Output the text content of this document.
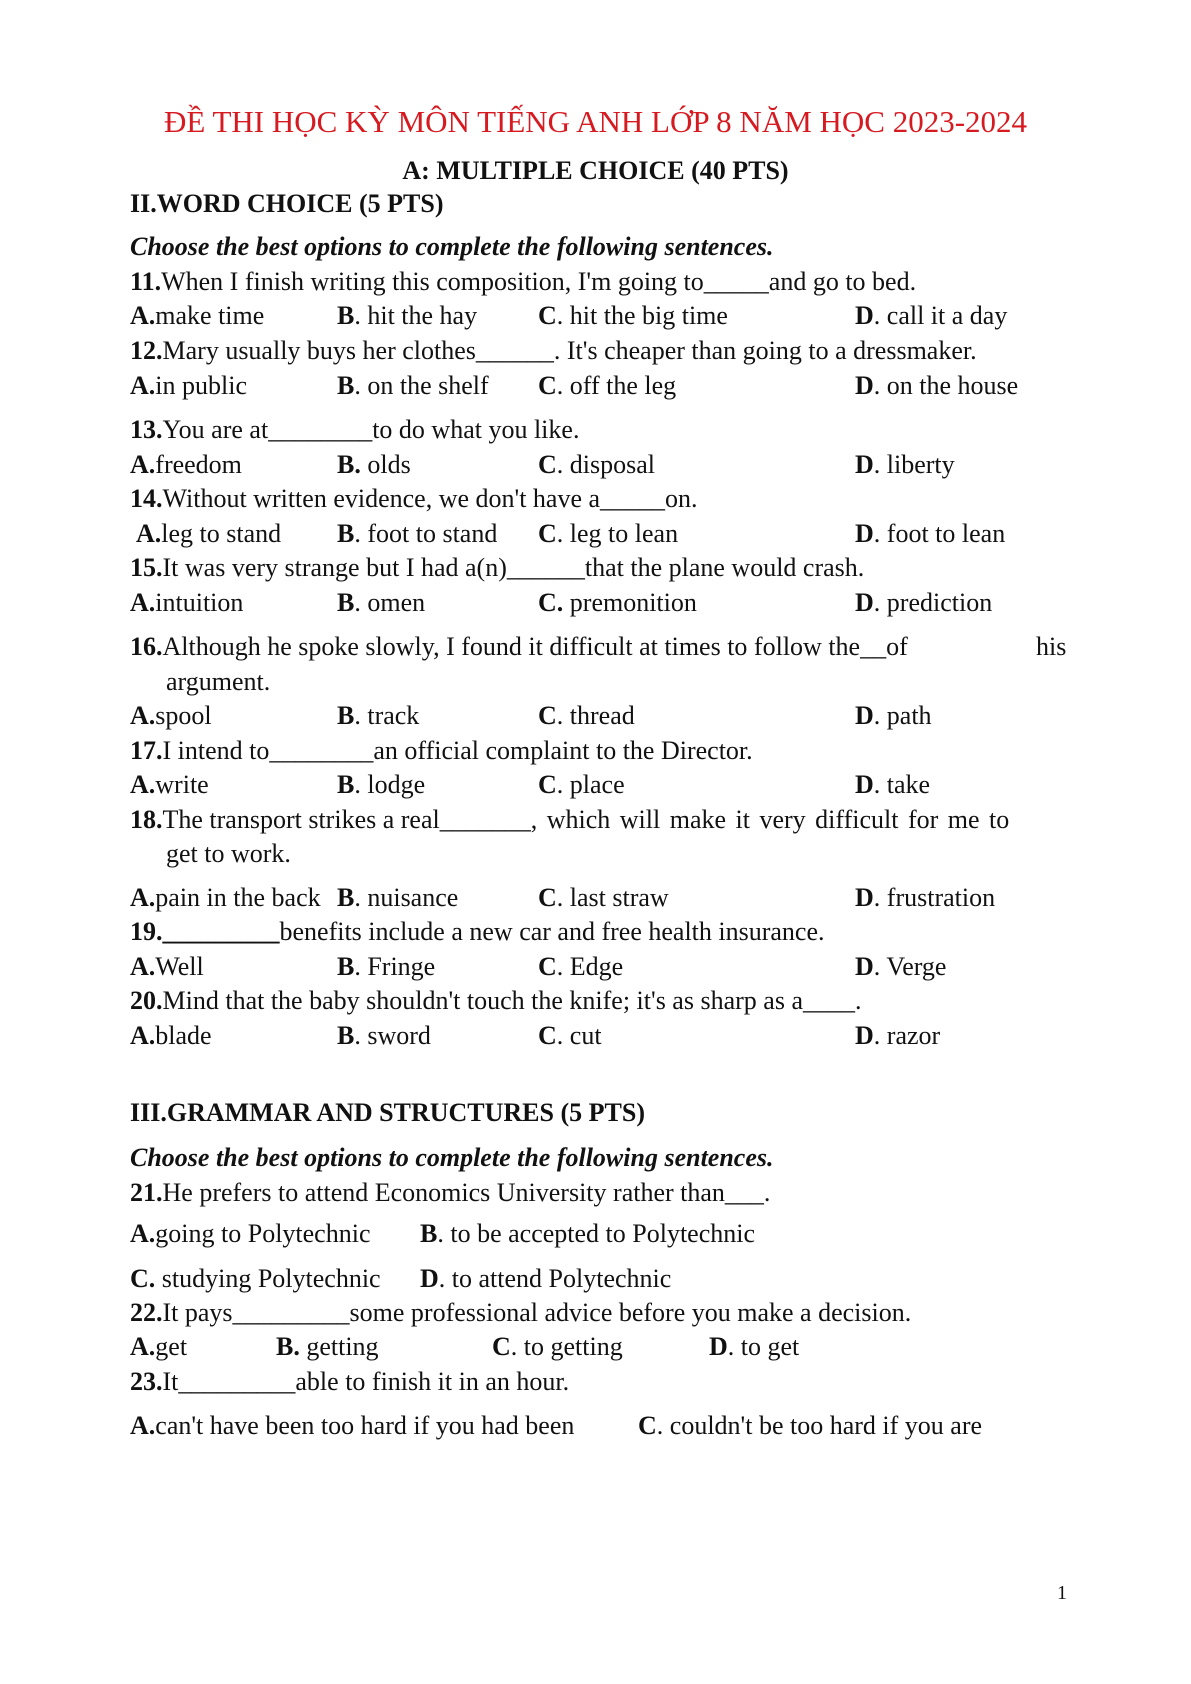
ĐỀ THI HỌC KỲ MÔN TIẾNG ANH LỚP 8 NĂM HỌC 2023-2024
A: MULTIPLE CHOICE (40 PTS)
II.WORD CHOICE (5 PTS)
Choose the best options to complete the following sentences.
11.When I finish writing this composition, I'm going to_____and go to bed.
A.make time	B. hit the hay C. hit the big time	D. call it a day
12.Mary usually buys her clothes______. It's cheaper than going to a dressmaker.
A.in public	B. on the shelf C. off the leg	D. on the house
13.You are at________to do what you like.
A.freedom	B. olds	C. disposal	D. liberty
14.Without written evidence, we don't have a_____on.
A.leg to stand B. foot to stand C. leg to lean	D. foot to lean
15.It was very strange but I had a(n)______that the plane would crash.
A.intuition	B. omen	C. premonition	D. prediction
16.Although he spoke slowly, I found it difficult at times to follow the__of	his
argument.
A.spool	B. track	C. thread	D. path
17.I intend to________an official complaint to the Director.
A.write	B. lodge	C. place	D. take
18.The transport strikes a real_______, which will make it very difficult for me to
get to work.
A.pain in the back B. nuisance	C. last straw	D. frustration
19._________benefits include a new car and free health insurance.
A.Well	B. Fringe	C. Edge	D. Verge
20.Mind that the baby shouldn't touch the knife; it's as sharp as a____.
A.blade	B. sword	C. cut	D. razor
III.GRAMMAR AND STRUCTURES (5 PTS)
Choose the best options to complete the following sentences.
21.He prefers to attend Economics University rather than___.
A.going to Polytechnic B. to be accepted to Polytechnic
C. studying Polytechnic D. to attend Polytechnic
22.It pays_________some professional advice before you make a decision.
A.get	B. getting	C. to getting	D. to get
23.It_________able to finish it in an hour.
A.can't have been too hard if you had been C. couldn't be too hard if you are
1
